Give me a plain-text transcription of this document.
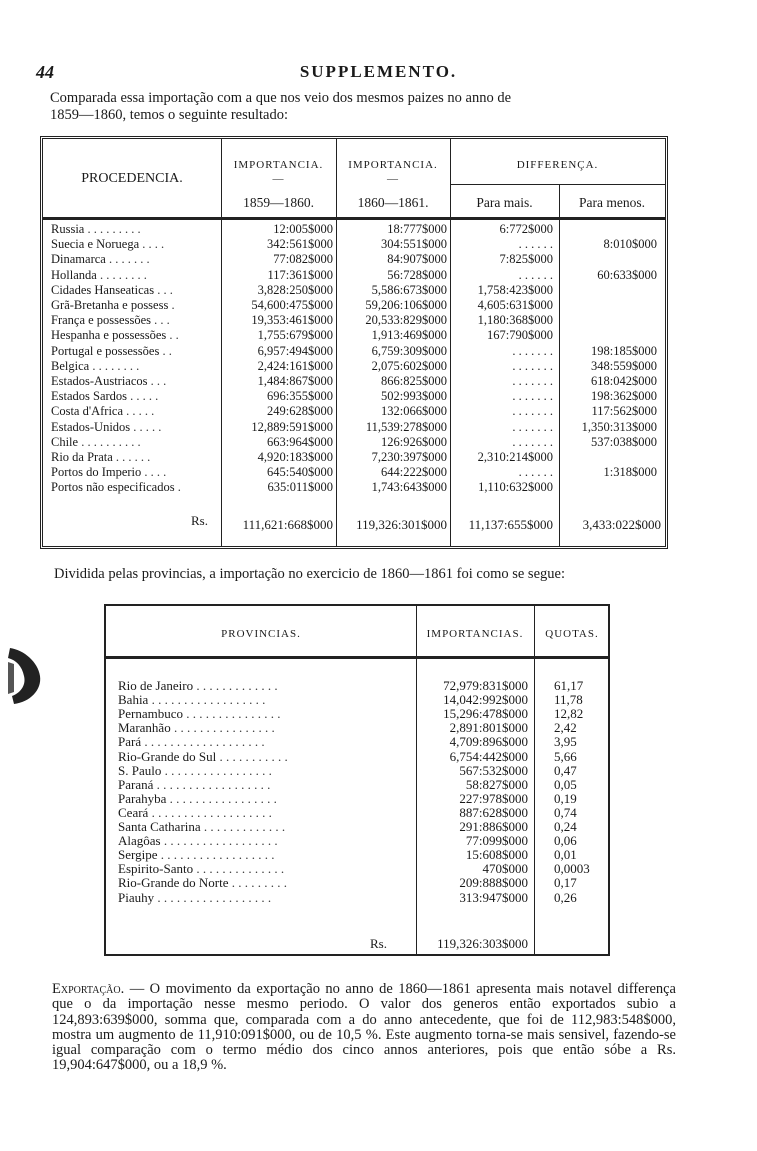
44	SUPPLEMENTO.

Comparada essa importação com a que nos veio dos mesmos paizes no anno de

1859—1860, temos o seguinte resultado:

PROCEDENCIA.
IMPORTANCIA.
—
1859—1860.
IMPORTANCIA.
—
1860—1861.
DIFFERENÇA.
Para mais.	Para menos.
Russia . . . . . . . . .	12:005$000	18:777$000	6:772$000
Suecia e Noruega . . . .	342:561$000	304:551$000	. . . . . .	8:010$000
Dinamarca . . . . . . .	77:082$000	84:907$000	7:825$000
Hollanda . . . . . . . .	117:361$000	56:728$000	. . . . . .	60:633$000
Cidades Hanseaticas . . .	3,828:250$000	5,586:673$000 1,758:423$000
Grã-Bretanha e possess .	54,600:475$000	59,206:106$000 4,605:631$000
França e possessões . . .	19,353:461$000	20,533:829$000 1,180:368$000
Hespanha e possessões . .	1,755:679$000	1,913:469$000	167:790$000
Portugal e possessões . .	6,957:494$000	6,759:309$000	. . . . . . .	198:185$000
Belgica . . . . . . . .	2,424:161$000	2,075:602$000	. . . . . . .	348:559$000
Estados-Austriacos . . .	1,484:867$000	866:825$000	. . . . . . .	618:042$000
Estados Sardos . . . . .	696:355$000	502:993$000	. . . . . . .	198:362$000
Costa d'Africa . . . . .	249:628$000	132:066$000	. . . . . . .	117:562$000
Estados-Unidos . . . . .	12,889:591$000	11,539:278$000	. . . . . . . 1,350:313$000
Chile . . . . . . . . . .	663:964$000	126:926$000	. . . . . . .	537:038$000
Rio da Prata . . . . . .	4,920:183$000	7,230:397$000 2,310:214$000
Portos do Imperio . . . .	645:540$000	644:222$000	. . . . . .	1:318$000
Portos não especificados .	635:011$000	1,743:643$000 1,110:632$000
Rs.	111,621:668$000 119,326:301$000 11,137:655$000 3,433:022$000
Dividida pelas provincias, a importação no exercicio de 1860—1861 foi como se segue:
PROVINCIAS.	IMPORTANCIAS.	QUOTAS.
Rio de Janeiro . . . . . . . . . . . . .	72,979:831$000 61,17
Bahia . . . . . . . . . . . . . . . . . .	14,042:992$000 11,78
Pernambuco . . . . . . . . . . . . . . .	15,296:478$000 12,82
Maranhão . . . . . . . . . . . . . . . .	2,891:801$000 2,42
Pará . . . . . . . . . . . . . . . . . . .	4,709:896$000 3,95
Rio-Grande do Sul . . . . . . . . . . .	6,754:442$000 5,66
S. Paulo . . . . . . . . . . . . . . . . .	567:532$000 0,47
Paraná . . . . . . . . . . . . . . . . . .	58:827$000 0,05
Parahyba . . . . . . . . . . . . . . . . .	227:978$000 0,19
Ceará . . . . . . . . . . . . . . . . . . .	887:628$000 0,74
Santa Catharina . . . . . . . . . . . . .	291:886$000 0,24
Alagôas . . . . . . . . . . . . . . . . . .	77:099$000 0,06
Sergipe . . . . . . . . . . . . . . . . . .	15:608$000 0,01
Espirito-Santo . . . . . . . . . . . . . .	470$000 0,0003
Rio-Grande do Norte . . . . . . . . .	209:888$000 0,17
Piauhy . . . . . . . . . . . . . . . . . .	313:947$000 0,26
Rs.	119,326:303$000
Exportação. — O movimento da exportação no anno de 1860—1861 apresenta mais notavel differença que o da importação nesse mesmo periodo. O valor dos generos então exportados subio a 124,893:639$000, somma que, comparada com a do anno antecedente, que foi de 112,983:548$000, mostra um augmento de 11,910:091$000, ou de 10,5 %. Este augmento torna-se mais sensivel, fazendo-se igual comparação com o termo médio dos cinco annos anteriores, pois que então sóbe a Rs. 19,904:647$000, ou a 18,9 %.
